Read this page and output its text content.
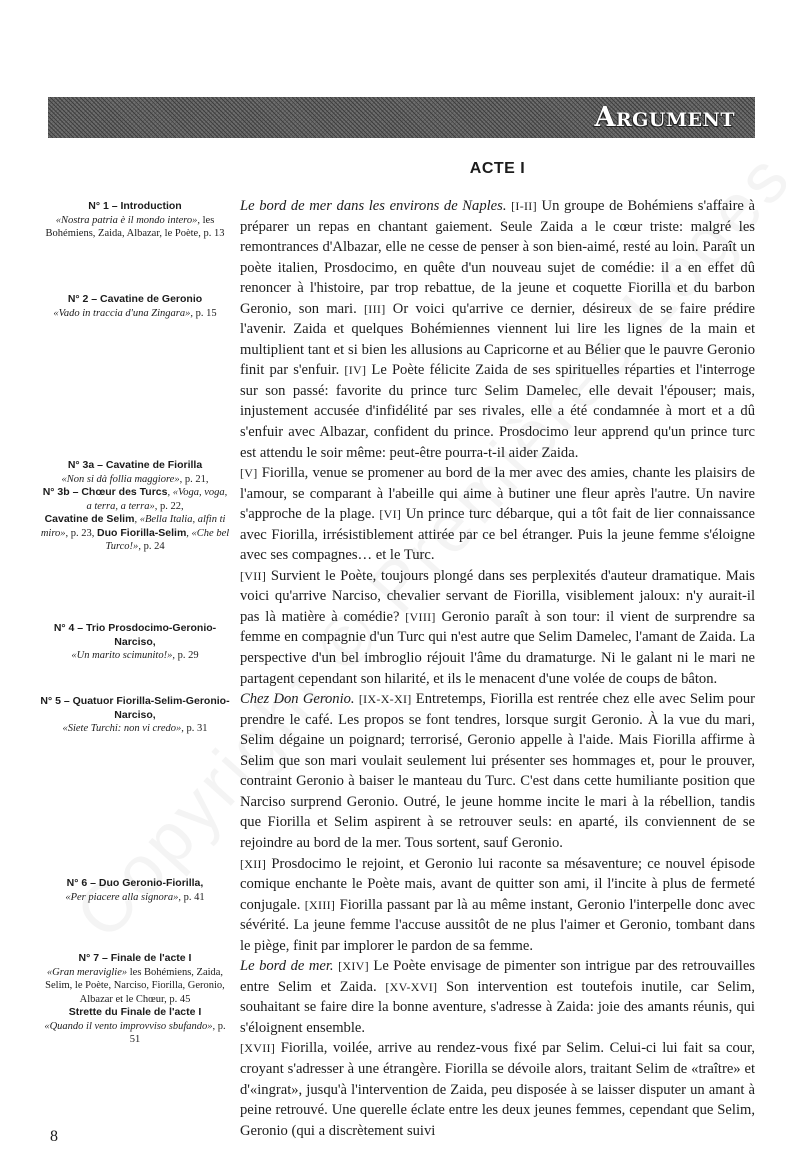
Argument
ACTE I
N° 1 – Introduction
«Nostra patria è il mondo intero», les Bohémiens, Zaida, Albazar, le Poète, p. 13
N° 2 – Cavatine de Geronio
«Vado in traccia d'una Zingara», p. 15
N° 3a – Cavatine de Fiorilla
«Non si dà follia maggiore», p. 21,
N° 3b – Chœur des Turcs, «Voga, voga, a terra, a terra», p. 22,
Cavatine de Selim, «Bella Italia, alfin ti miro», p. 23, Duo Fiorilla-Selim, «Che bel Turco!», p. 24
N° 4 – Trio Prosdocimo-Geronio-Narciso,
«Un marito scimunito!», p. 29
N° 5 – Quatuor Fiorilla-Selim-Geronio-Narciso,
«Siete Turchi: non vi credo», p. 31
N° 6 – Duo Geronio-Fiorilla,
«Per piacere alla signora», p. 41
N° 7 – Finale de l'acte I
«Gran meraviglie» les Bohémiens, Zaida, Selim, le Poète, Narciso, Fiorilla, Geronio, Albazar et le Chœur, p. 45
Strette du Finale de l'acte I
«Quando il vento improvviso sbufando», p. 51

Le bord de mer dans les environs de Naples. [I-II] Un groupe de Bohémiens s'affaire à préparer un repas en chantant gaiement. Seule Zaida a le cœur triste: malgré les remontrances d'Albazar, elle ne cesse de penser à son bien-aimé, resté au loin. Paraît un poète italien, Prosdocimo, en quête d'un nouveau sujet de comédie: il a en effet dû renoncer à l'histoire, par trop rebattue, de la jeune et coquette Fiorilla et du barbon Geronio, son mari. [III] Or voici qu'arrive ce dernier, désireux de se faire prédire l'avenir. Zaida et quelques Bohémiennes viennent lui lire les lignes de la main et multiplient tant et si bien les allusions au Capricorne et au Bélier que le pauvre Geronio finit par s'enfuir. [IV] Le Poète félicite Zaida de ses spirituelles réparties et l'interroge sur son passé: favorite du prince turc Selim Damelec, elle devait l'épouser; mais, injustement accusée d'infidélité par ses rivales, elle a été condamnée à mort et a dû s'enfuir avec Albazar, confident du prince. Prosdocimo leur apprend qu'un prince turc est attendu le soir même: peut-être pourra-t-il aider Zaida.

[V] Fiorilla, venue se promener au bord de la mer avec des amies, chante les plaisirs de l'amour, se comparant à l'abeille qui aime à butiner une fleur après l'autre. Un navire s'approche de la plage. [VI] Un prince turc débarque, qui a tôt fait de lier connaissance avec Fiorilla, irrésistiblement attirée par ce bel étranger. Puis la jeune femme s'éloigne avec ses compagnes… et le Turc.

[VII] Survient le Poète, toujours plongé dans ses perplexités d'auteur dramatique. Mais voici qu'arrive Narciso, chevalier servant de Fiorilla, visiblement jaloux: n'y aurait-il pas là matière à comédie? [VIII] Geronio paraît à son tour: il vient de surprendre sa femme en compagnie d'un Turc qui n'est autre que Selim Damelec, l'amant de Zaida. La perspective d'un bel imbroglio réjouit l'âme du dramaturge. Ni le galant ni le mari ne partagent cependant son hilarité, et ils le menacent d'une volée de coups de bâton.

Chez Don Geronio. [IX-X-XI] Entretemps, Fiorilla est rentrée chez elle avec Selim pour prendre le café. Les propos se font tendres, lorsque surgit Geronio. À la vue du mari, Selim dégaine un poignard; terrorisé, Geronio appelle à l'aide. Mais Fiorilla affirme à Selim que son mari voulait seulement lui présenter ses hommages et, pour le prouver, contraint Geronio à baiser le manteau du Turc. C'est dans cette humiliante position que Narciso surprend Geronio. Outré, le jeune homme incite le mari à la rébellion, tandis que Fiorilla et Selim aspirent à se retrouver seuls: en aparté, ils conviennent de se rejoindre au bord de la mer. Tous sortent, sauf Geronio.

[XII] Prosdocimo le rejoint, et Geronio lui raconte sa mésaventure; ce nouvel épisode comique enchante le Poète mais, avant de quitter son ami, il l'incite à plus de fermeté conjugale. [XIII] Fiorilla passant par là au même instant, Geronio l'interpelle donc avec sévérité. La jeune femme l'accuse aussitôt de ne plus l'aimer et Geronio, tombant dans le piège, finit par implorer le pardon de sa femme.

Le bord de mer. [XIV] Le Poète envisage de pimenter son intrigue par des retrouvailles entre Selim et Zaida. [XV-XVI] Son intervention est toutefois inutile, car Selim, souhaitant se faire dire la bonne aventure, s'adresse à Zaida: joie des amants réunis, qui s'éloignent ensemble.

[XVII] Fiorilla, voilée, arrive au rendez-vous fixé par Selim. Celui-ci lui fait sa cour, croyant s'adresser à une étrangère. Fiorilla se dévoile alors, traitant Selim de «traître» et d'«ingrat», jusqu'à l'intervention de Zaida, peu disposée à se laisser disputer un amant à peine retrouvé. Une querelle éclate entre les deux jeunes femmes, cependant que Selim, Geronio (qui a discrètement suivi

8
